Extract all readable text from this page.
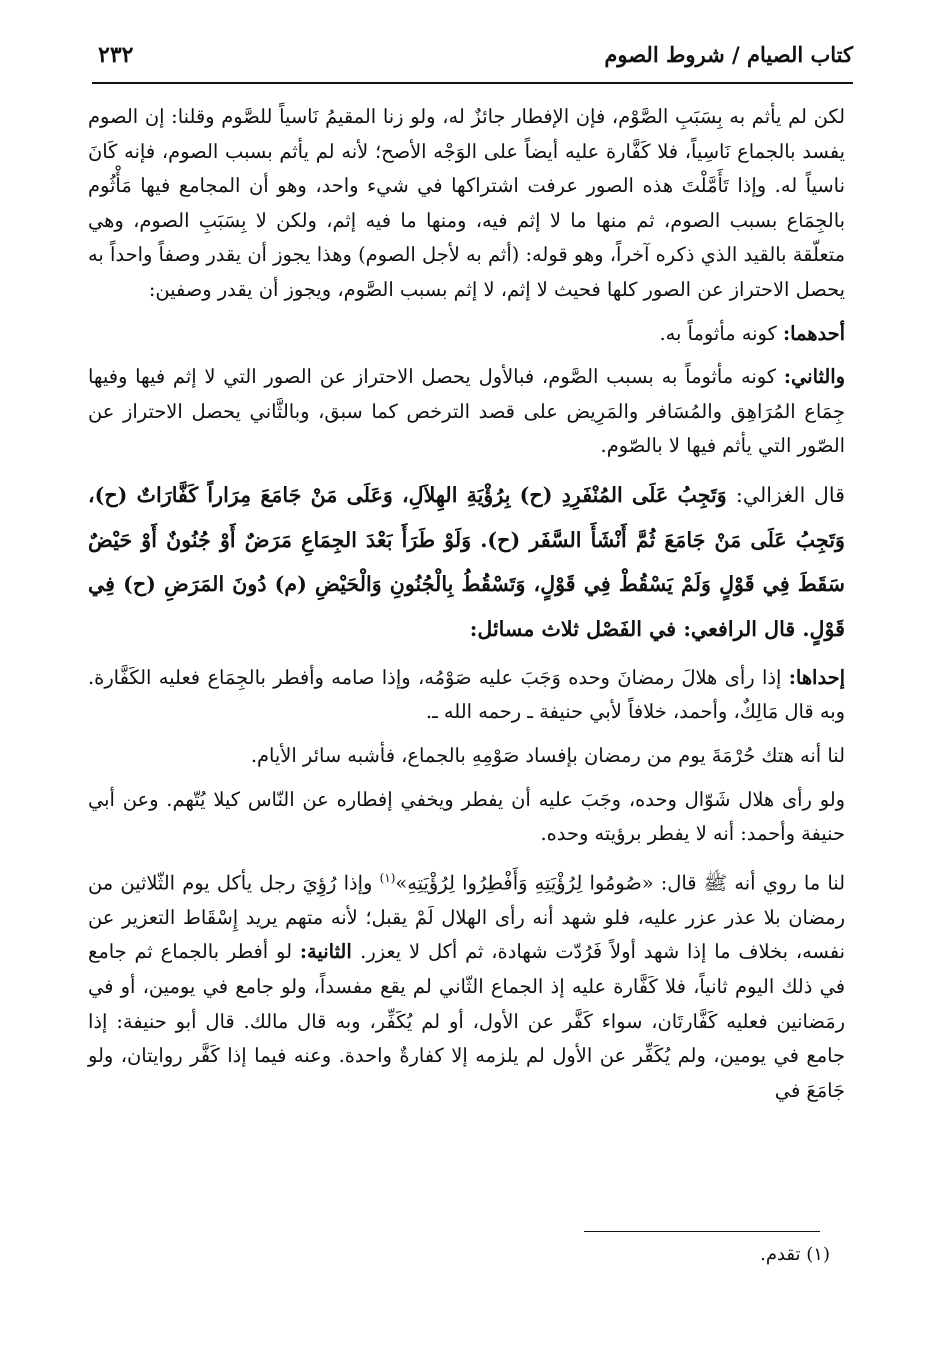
كتاب الصيام / شروط الصوم
٢٣٢

لكن لم يأثم به بِسَبَبِ الصَّوْم، فإن الإفطار جائزٌ له، ولو زنا المقيمُ نَاسياً للصَّوم وقلنا: إن الصوم يفسد بالجماع نَاسِياً، فلا كَفَّارة عليه أيضاً على الوَجْه الأصح؛ لأنه لم يأثم بسبب الصوم، فإنه كَانَ ناسياً له. وإذا تَأَمَّلْتَ هذه الصور عرفت اشتراكها في شيء واحد، وهو أن المجامع فيها مَأْثُوم بالجِمَاع بسبب الصوم، ثم منها ما لا إثم فيه، ومنها ما فيه إثم، ولكن لا بِسَبَبِ الصوم، وهي متعلّقة بالقيد الذي ذكره آخراً، وهو قوله: (أثم به لأجل الصوم) وهذا يجوز أن يقدر وصفاً واحداً به يحصل الاحتراز عن الصور كلها فحيث لا إثم، لا إثم بسبب الصَّوم، ويجوز أن يقدر وصفين:

أحدهما: كونه مأثوماً به.

والثاني: كونه مأثوماً به بسبب الصَّوم، فبالأول يحصل الاحتراز عن الصور التي لا إثم فيها وفيها جِمَاع المُرَاهِق والمُسَافر والمَرِيض على قصد الترخص كما سبق، وبالثَّاني يحصل الاحتراز عن الصّور التي يأثم فيها لا بالصّوم.

قال الغزالي: وَتَجِبُ عَلَى المُنْفَرِدِ (ح) بِرُؤْيَةِ الهِلاَلِ، وَعَلَى مَنْ جَامَعَ مِرَاراً كَفَّارَاتٌ (ح)، وَتَجِبُ عَلَى مَنْ جَامَعَ ثُمَّ أَنْشَأَ السَّفَر (ح). وَلَوْ طَرَأَ بَعْدَ الجِمَاعِ مَرَضٌ أَوْ جُنُونٌ أَوْ حَيْضٌ سَقَطَ فِي قَوْلٍ وَلَمْ يَسْقُطْ فِي قَوْلٍ، وَتَسْقُطُ بِالْجُنُونِ وَالْحَيْضِ (م) دُونَ المَرَضِ (ح) فِي قَوْلٍ. قال الرافعي: في الفَصْل ثلاث مسائل:

إحداها: إذا رأى هلالَ رمضانَ وحده وَجَبَ عليه صَوْمُه، وإذا صامه وأفطر بالجِمَاع فعليه الكَفَّارة. وبه قال مَالِكٌ، وأحمد، خلافاً لأبي حنيفة ـ رحمه الله ـ.

لنا أنه هتك حُرْمَةَ يوم من رمضان بإفساد صَوْمِهِ بالجماع، فأشبه سائر الأيام.

ولو رأى هلال شَوّال وحده، وجَبَ عليه أن يفطر ويخفي إفطاره عن النّاس كيلا يُتّهم. وعن أبي حنيفة وأحمد: أنه لا يفطر برؤيته وحده.

لنا ما روي أنه ﷺ قال: «صُومُوا لِرُؤْيَتِهِ وَأَفْطِرُوا لِرُؤْيَتِهِ»$^{(١)}$ وإذا رُؤِيَ رجل يأكل يوم الثّلاثين من رمضان بلا عذر عزر عليه، فلو شهد أنه رأى الهلال لَمْ يقبل؛ لأنه متهم يريد إِسْقَاط التعزير عن نفسه، بخلاف ما إذا شهد أولاً فَرُدّت شهادة، ثم أكل لا يعزر. الثانية: لو أفطر بالجماع ثم جامع في ذلك اليوم ثانياً، فلا كَفَّارة عليه إذ الجماع الثّاني لم يقع مفسداً، ولو جامع في يومين، أو في رمَضانين فعليه كَفَّارتَان، سواء كَفَّر عن الأول، أو لم يُكَفِّر، وبه قال مالك. قال أبو حنيفة: إذا جامع في يومين، ولم يُكَفِّر عن الأول لم يلزمه إلا كفارةٌ واحدة. وعنه فيما إذا كَفَّر روايتان، ولو جَامَعَ في

(١) تقدم.
